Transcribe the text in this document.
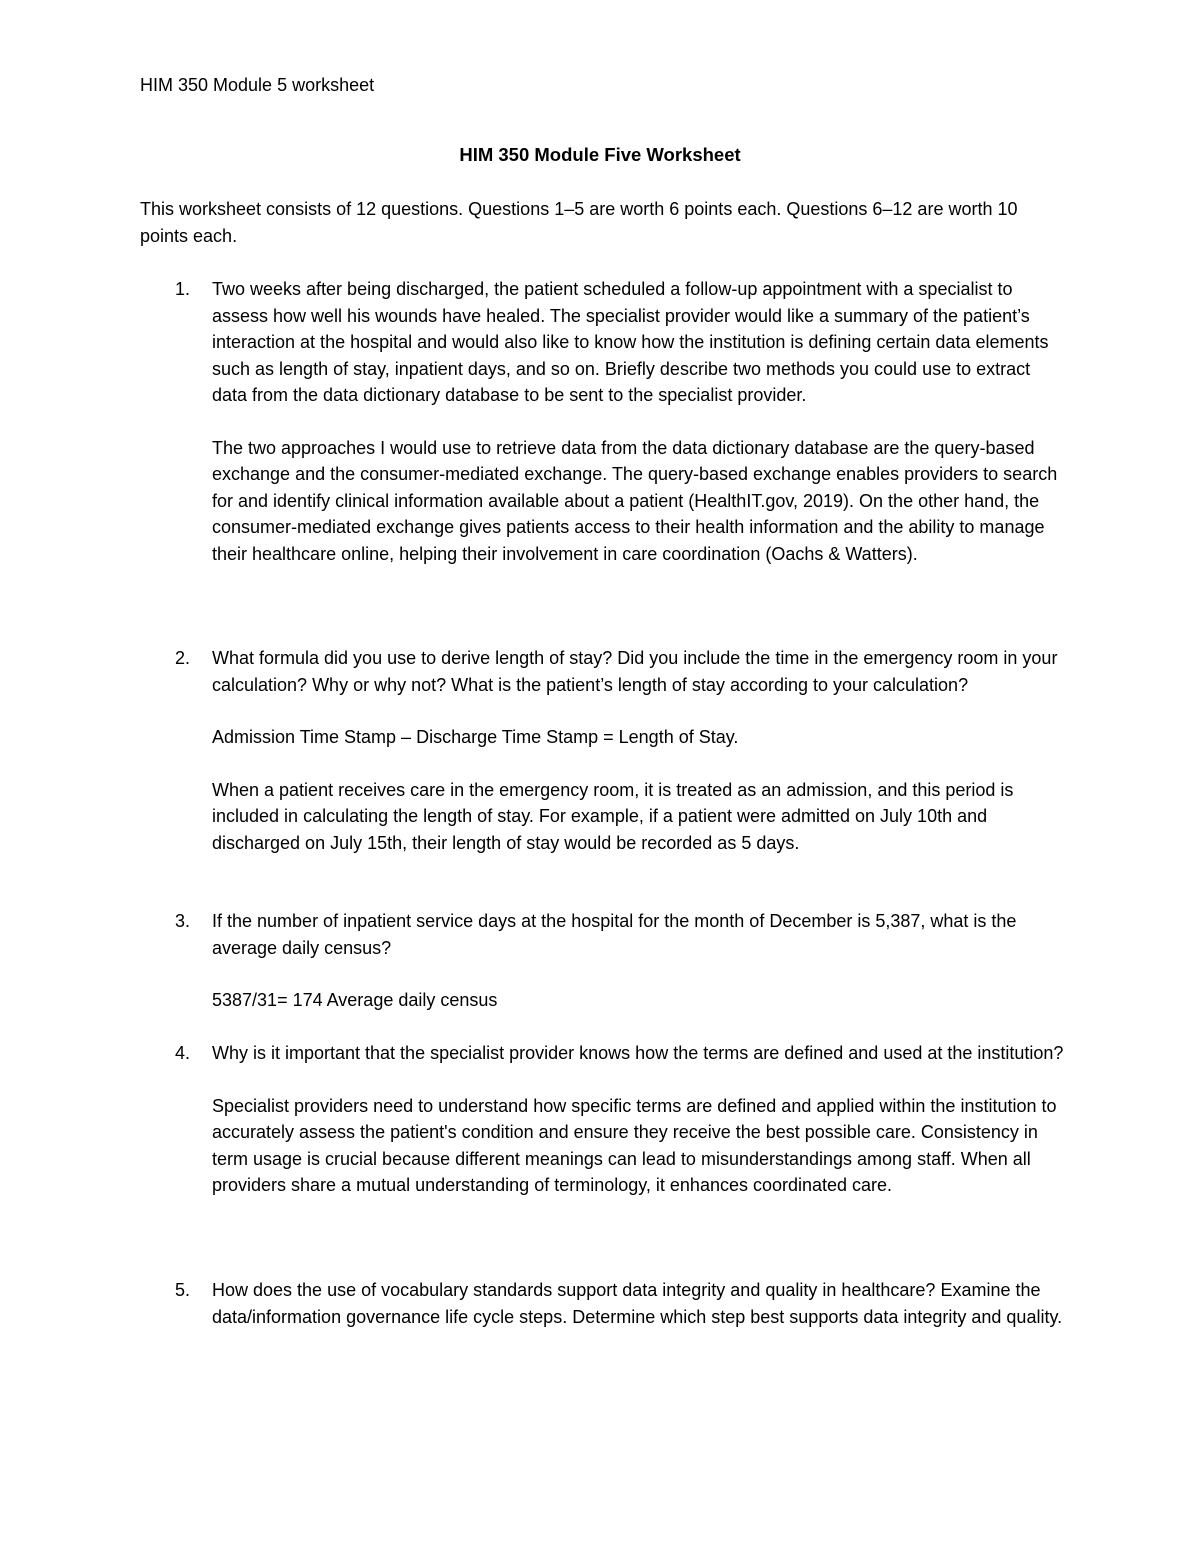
HIM 350 Module 5 worksheet
HIM 350 Module Five Worksheet

This worksheet consists of 12 questions. Questions 1–5 are worth 6 points each. Questions 6–12 are worth 10 points each.

1.	Two weeks after being discharged, the patient scheduled a follow-up appointment with a specialist to assess how well his wounds have healed. The specialist provider would like a summary of the patient’s interaction at the hospital and would also like to know how the institution is defining certain data elements such as length of stay, inpatient days, and so on. Briefly describe two methods you could use to extract data from the data dictionary database to be sent to the specialist provider.

The two approaches I would use to retrieve data from the data dictionary database are the query-based exchange and the consumer-mediated exchange. The query-based exchange enables providers to search for and identify clinical information available about a patient (HealthIT.gov, 2019). On the other hand, the consumer-mediated exchange gives patients access to their health information and the ability to manage their healthcare online, helping their involvement in care coordination (Oachs & Watters).

2.	What formula did you use to derive length of stay? Did you include the time in the emergency room in your calculation? Why or why not? What is the patient’s length of stay according to your calculation?

Admission Time Stamp – Discharge Time Stamp = Length of Stay.

When a patient receives care in the emergency room, it is treated as an admission, and this period is included in calculating the length of stay. For example, if a patient were admitted on July 10th and discharged on July 15th, their length of stay would be recorded as 5 days.

3.	If the number of inpatient service days at the hospital for the month of December is 5,387, what is the average daily census?

5387/31= 174 Average daily census

4.	Why is it important that the specialist provider knows how the terms are defined and used at the institution?

Specialist providers need to understand how specific terms are defined and applied within the institution to accurately assess the patient's condition and ensure they receive the best possible care. Consistency in term usage is crucial because different meanings can lead to misunderstandings among staff. When all providers share a mutual understanding of terminology, it enhances coordinated care.

5.	How does the use of vocabulary standards support data integrity and quality in healthcare? Examine the data/information governance life cycle steps. Determine which step best supports data integrity and quality.
